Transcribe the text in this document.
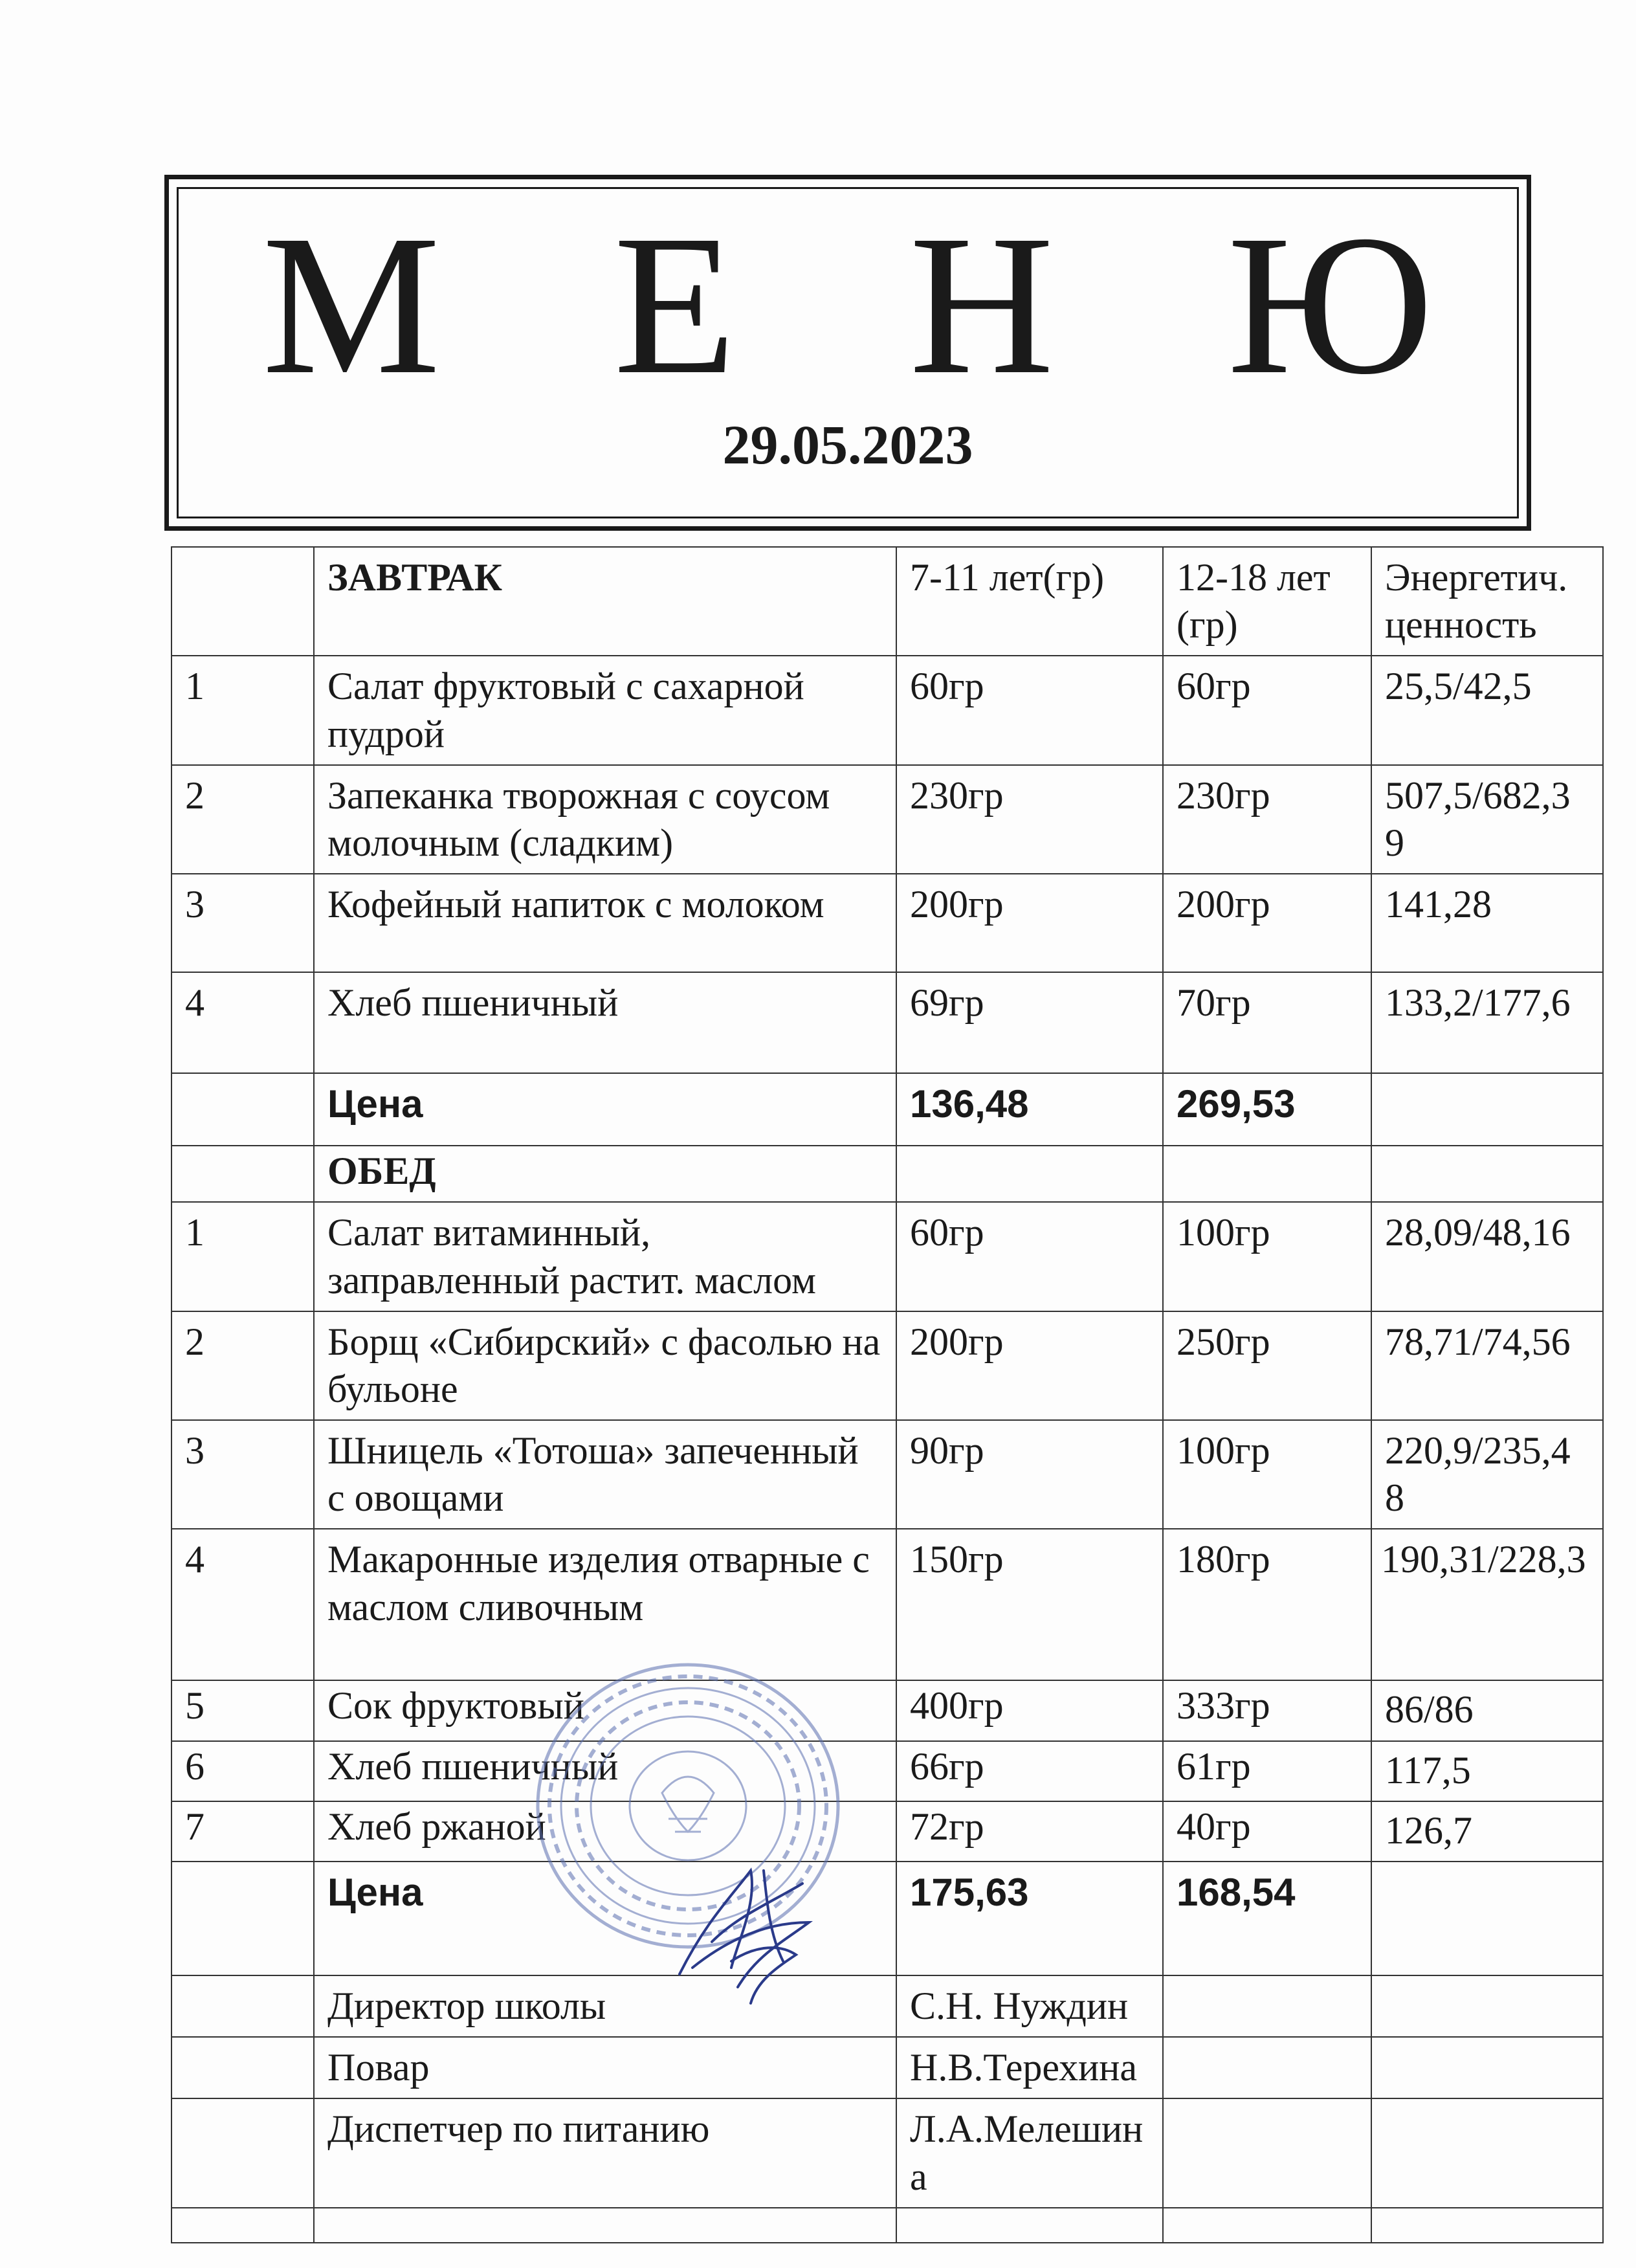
М Е Н Ю
29.05.2023
	ЗАВТРАК	7-11 лет(гр)	12-18 лет (гр)	Энергетич. ценность
1	Салат фруктовый с сахарной пудрой	60гр	60гр	25,5/42,5
2	Запеканка творожная с соусом молочным (сладким)	230гр	230гр	507,5/682,39
3	Кофейный напиток с молоком	200гр	200гр	141,28
4	Хлеб пшеничный	69гр	70гр	133,2/177,6
	Цена	136,48	269,53	
	ОБЕД			
1	Салат витаминный, заправленный растит. маслом	60гр	100гр	28,09/48,16
2	Борщ «Сибирский» с фасолью на бульоне	200гр	250гр	78,71/74,56
3	Шницель «Тотоша» запеченный с овощами	90гр	100гр	220,9/235,48
4	Макаронные изделия отварные с маслом сливочным	150гр	180гр	190,31/228,3
5	Сок фруктовый	400гр	333гр	86/86
6	Хлеб пшеничный	66гр	61гр	117,5
7	Хлеб ржаной	72гр	40гр	126,7
	Цена	175,63	168,54	
	Директор школы	С.Н. Нуждин		
	Повар	Н.В.Терехина		
	Диспетчер по питанию	Л.А.Мелешина		
